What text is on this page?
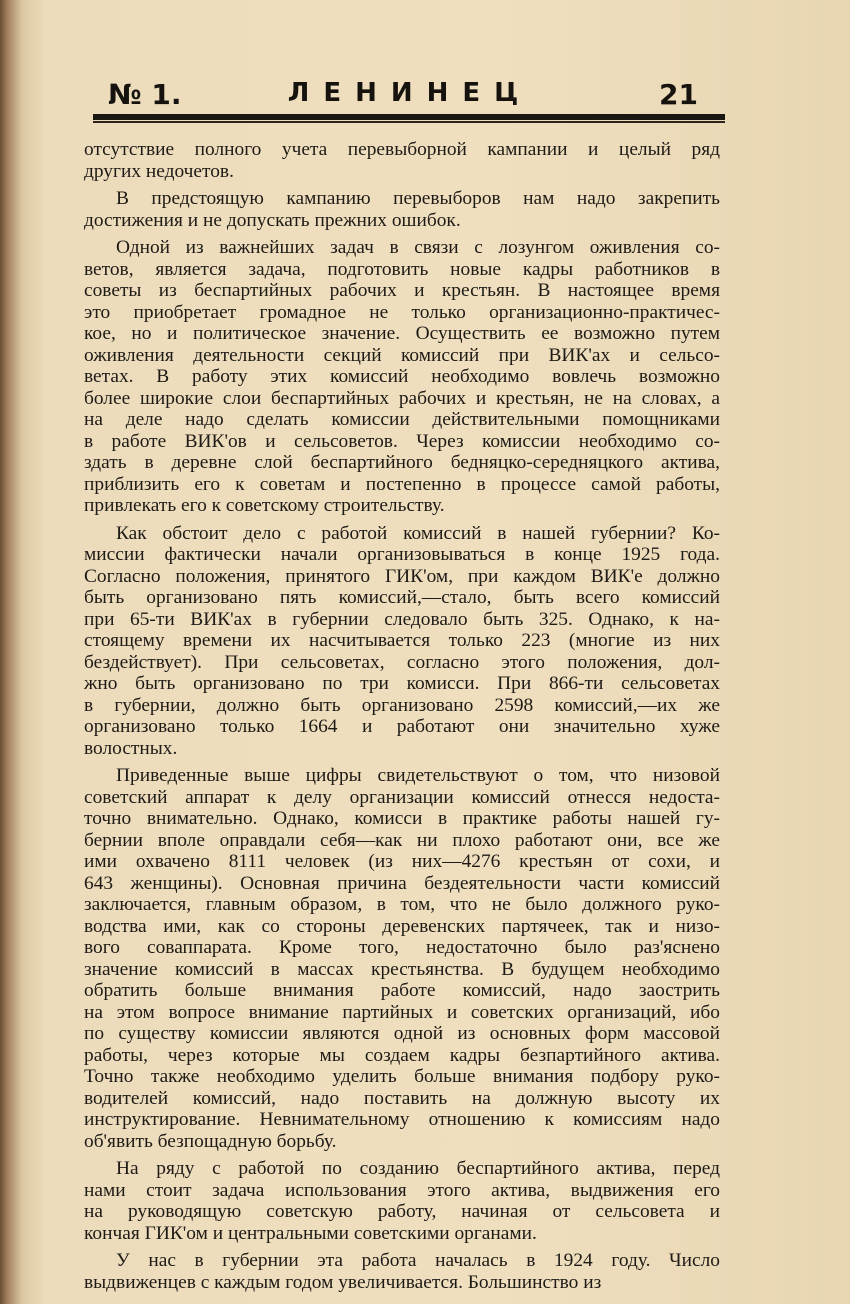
№ 1.	ЛЕНИНЕЦ	21
отсутствие полного учета перевыборной кампании и целый ряд
других недочетов.
В предстоящую кампанию перевыборов нам надо закрепить
достижения и не допускать прежних ошибок.
Одной из важнейших задач в связи с лозунгом оживления со-
ветов, является задача, подготовить новые кадры работников в
советы из беспартийных рабочих и крестьян. В настоящее время
это приобретает громадное не только организационно-практичес-
кое, но и политическое значение. Осуществить ее возможно путем
оживления деятельности секций комиссий при ВИК'ах и сельсо-
ветах. В работу этих комиссий необходимо вовлечь возможно
более широкие слои беспартийных рабочих и крестьян, не на словах, а
на деле надо сделать комиссии действительными помощниками
в работе ВИК'ов и сельсоветов. Через комиссии необходимо со-
здать в деревне слой беспартийного бедняцко-середняцкого актива,
приблизить его к советам и постепенно в процессе самой работы,
привлекать его к советскому строительству.
Как обстоит дело с работой комиссий в нашей губернии? Ко-
миссии фактически начали организовываться в конце 1925 года.
Согласно положения, принятого ГИК'ом, при каждом ВИК'е должно
быть организовано пять комиссий,—стало, быть всего комиссий
при 65-ти ВИК'ах в губернии следовало быть 325. Однако, к на-
стоящему времени их насчитывается только 223 (многие из них
бездействует). При сельсоветах, согласно этого положения, дол-
жно быть организовано по три комисси. При 866-ти сельсоветах
в губернии, должно быть организовано 2598 комиссий,—их же
организовано только 1664 и работают они значительно хуже
волостных.
Приведенные выше цифры свидетельствуют о том, что низовой
советский аппарат к делу организации комиссий отнесся недоста-
точно внимательно. Однако, комисси в практике работы нашей гу-
бернии вполе оправдали себя—как ни плохо работают они, все же
ими охвачено 8111 человек (из них—4276 крестьян от сохи, и
643 женщины). Основная причина бездеятельности части комиссий
заключается, главным образом, в том, что не было должного руко-
водства ими, как со стороны деревенских партячеек, так и низо-
вого соваппарата. Кроме того, недостаточно было раз'яснено
значение комиссий в массах крестьянства. В будущем необходимо
обратить больше внимания работе комиссий, надо заострить
на этом вопросе внимание партийных и советских организаций, ибо
по существу комиссии являются одной из основных форм массовой
работы, через которые мы создаем кадры безпартийного актива.
Точно также необходимо уделить больше внимания подбору руко-
водителей комиссий, надо поставить на должную высоту их
инструктирование. Невнимательному отношению к комиссиям надо
об'явить безпощадную борьбу.
На ряду с работой по созданию беспартийного актива, перед
нами стоит задача использования этого актива, выдвижения его
на руководящую советскую работу, начиная от сельсовета и
кончая ГИК'ом и центральными советскими органами.
У нас в губернии эта работа началась в 1924 году. Число
выдвиженцев с каждым годом увеличивается. Большинство из
